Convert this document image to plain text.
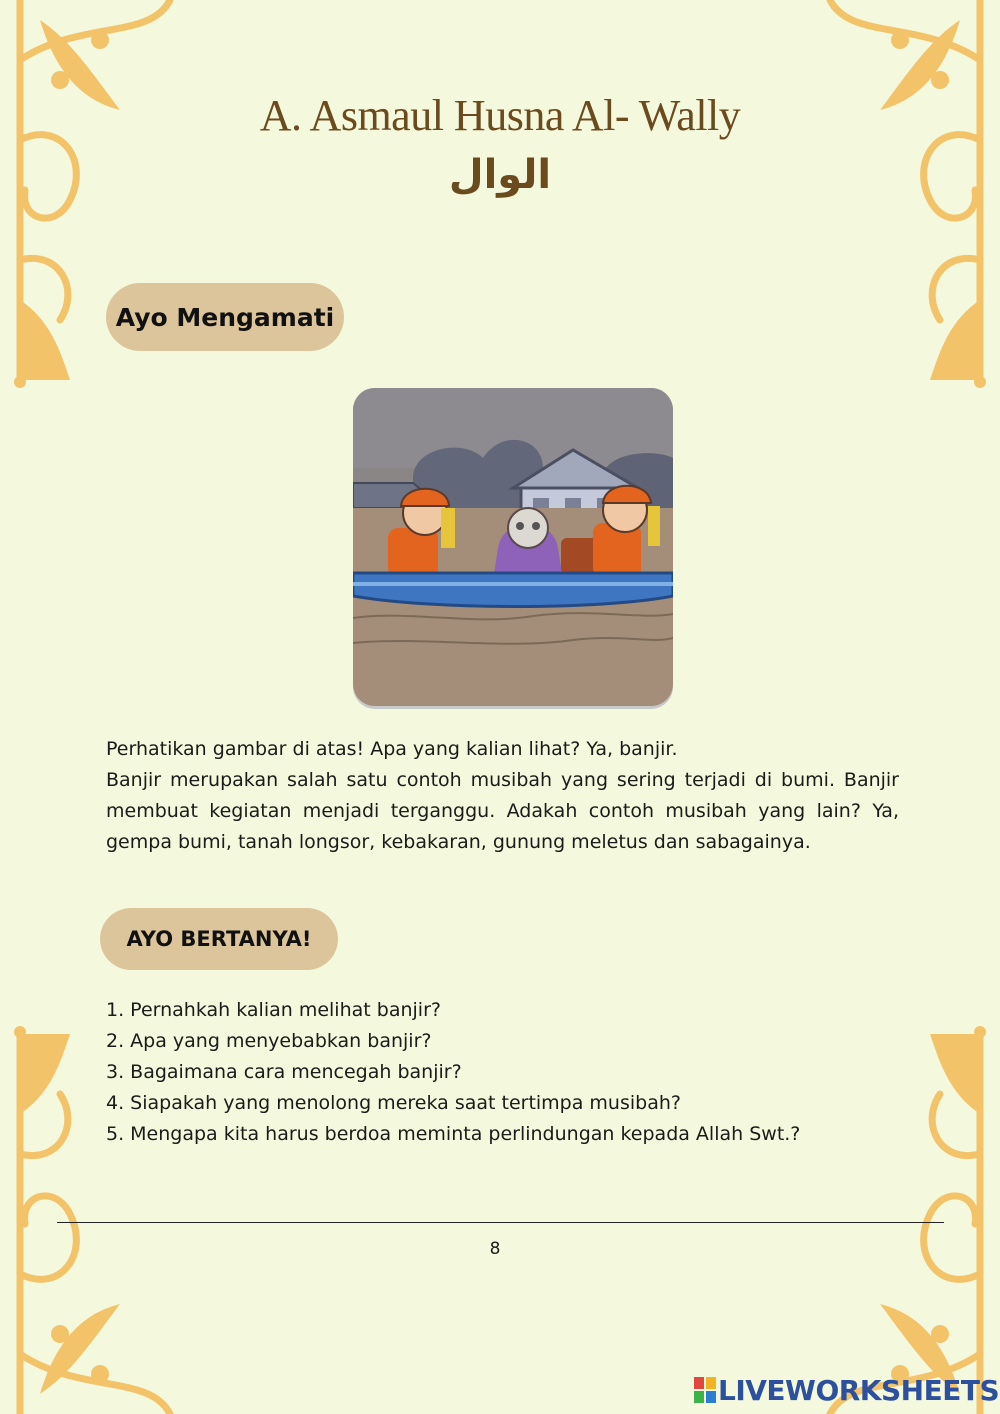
A. Asmaul Husna Al- Wally
الوال
Ayo Mengamati

Perhatikan gambar di atas! Apa yang kalian lihat? Ya, banjir.

Banjir merupakan salah satu contoh musibah yang sering terjadi di bumi. Banjir membuat kegiatan menjadi terganggu. Adakah contoh musibah yang lain? Ya, gempa bumi, tanah longsor, kebakaran, gunung meletus dan sabagainya.

AYO BERTANYA!
1. Pernahkah kalian melihat banjir?
2. Apa yang menyebabkan banjir?
3. Bagaimana cara mencegah banjir?
4. Siapakah yang menolong mereka saat tertimpa musibah?
5. Mengapa kita harus berdoa meminta perlindungan kepada Allah Swt.?
8
LIVEWORKSHEETS
